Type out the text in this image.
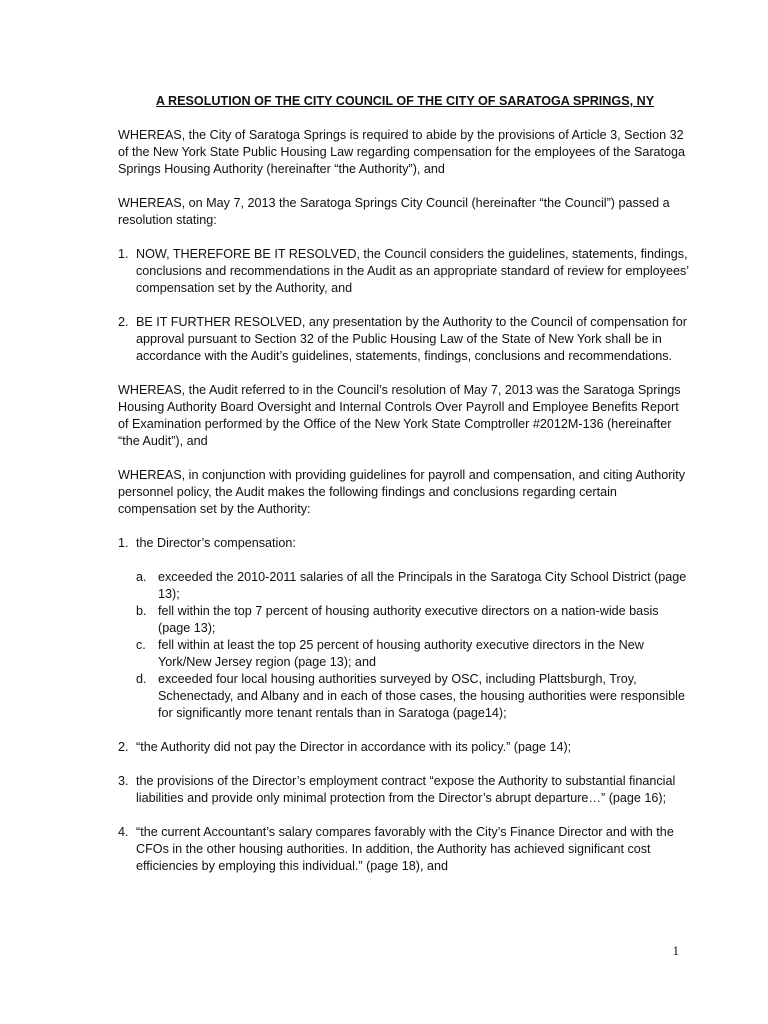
A RESOLUTION OF THE CITY COUNCIL OF THE CITY OF SARATOGA SPRINGS, NY

WHEREAS, the City of Saratoga Springs is required to abide by the provisions of Article 3, Section 32 of the New York State Public Housing Law regarding compensation for the employees of the Saratoga Springs Housing Authority (hereinafter “the Authority”), and

WHEREAS, on May 7, 2013 the Saratoga Springs City Council (hereinafter “the Council”) passed a resolution stating:

1. NOW, THEREFORE BE IT RESOLVED, the Council considers the guidelines, statements, findings, conclusions and recommendations in the Audit as an appropriate standard of review for employees’ compensation set by the Authority, and
2. BE IT FURTHER RESOLVED, any presentation by the Authority to the Council of compensation for approval pursuant to Section 32 of the Public Housing Law of the State of New York shall be in accordance with the Audit’s guidelines, statements, findings, conclusions and recommendations.

WHEREAS, the Audit referred to in the Council’s resolution of May 7, 2013 was the Saratoga Springs Housing Authority Board Oversight and Internal Controls Over Payroll and Employee Benefits Report of Examination performed by the Office of the New York State Comptroller #2012M-136 (hereinafter “the Audit”), and

WHEREAS, in conjunction with providing guidelines for payroll and compensation, and citing Authority personnel policy, the Audit makes the following findings and conclusions regarding certain compensation set by the Authority:

1. the Director’s compensation:
a. exceeded the 2010-2011 salaries of all the Principals in the Saratoga City School District (page 13);
b. fell within the top 7 percent of housing authority executive directors on a nation-wide basis (page 13);
c. fell within at least the top 25 percent of housing authority executive directors in the New York/New Jersey region (page 13); and
d. exceeded four local housing authorities surveyed by OSC, including Plattsburgh, Troy, Schenectady, and Albany and in each of those cases, the housing authorities were responsible for significantly more tenant rentals than in Saratoga (page14);
2. “the Authority did not pay the Director in accordance with its policy.” (page 14);
3. the provisions of the Director’s employment contract “expose the Authority to substantial financial liabilities and provide only minimal protection from the Director’s abrupt departure…” (page 16);
4. “the current Accountant’s salary compares favorably with the City’s Finance Director and with the CFOs in the other housing authorities. In addition, the Authority has achieved significant cost efficiencies by employing this individual.” (page 18), and
1
